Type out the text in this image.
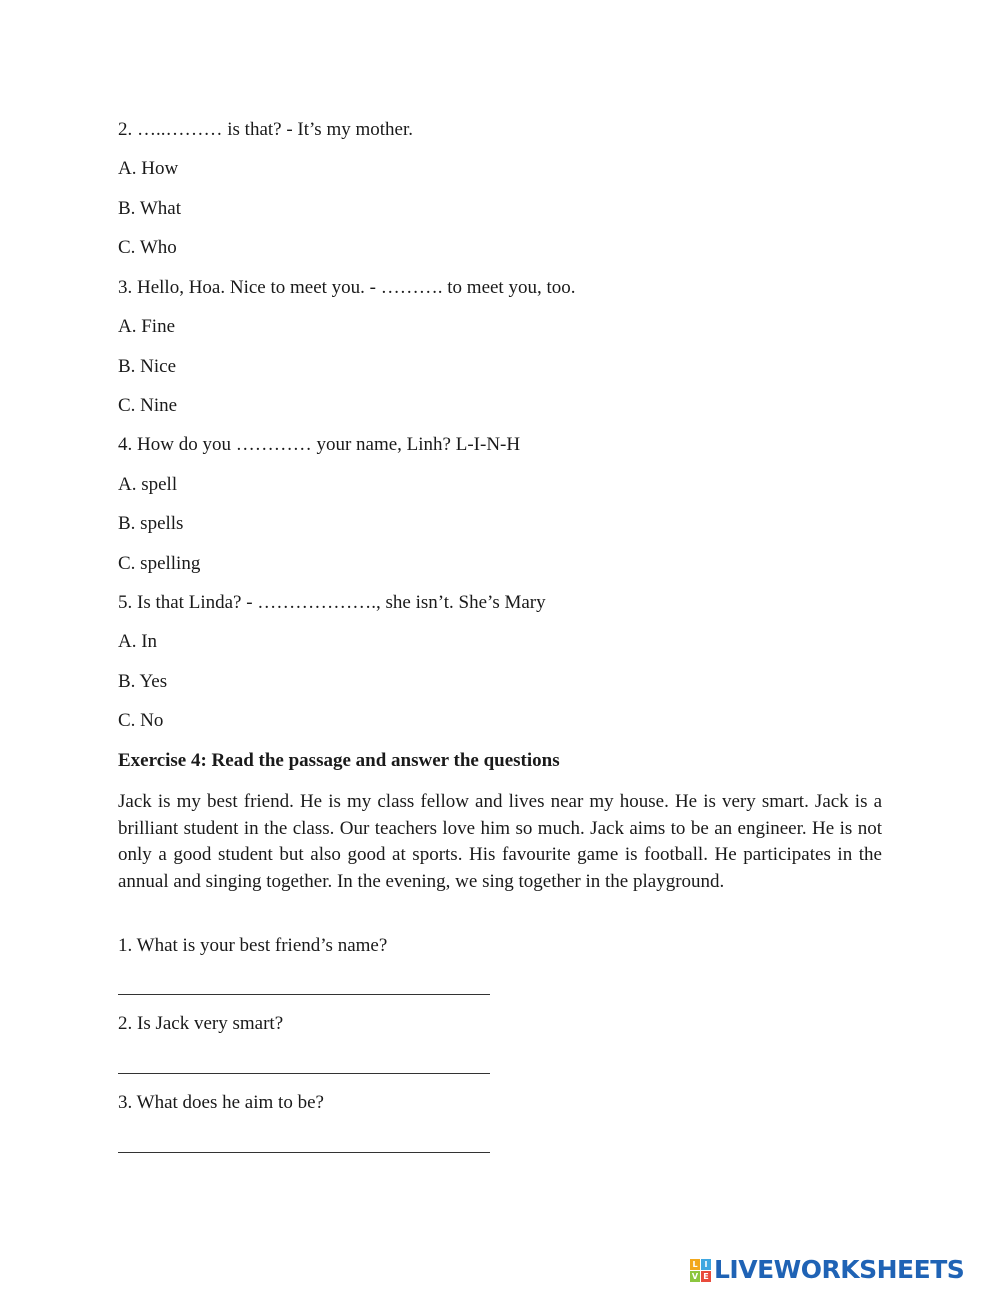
2. …..……… is that? - It’s my mother.
A. How
B. What
C. Who
3. Hello, Hoa. Nice to meet you. - ………. to meet you, too.
A. Fine
B. Nice
C. Nine
4. How do you ………… your name, Linh? L-I-N-H
A. spell
B. spells
C. spelling
5. Is that Linda? - ………………., she isn’t. She’s Mary
A. In
B. Yes
C. No
Exercise 4: Read the passage and answer the questions
Jack is my best friend. He is my class fellow and lives near my house. He is very smart. Jack is a brilliant student in the class. Our teachers love him so much. Jack aims to be an engineer. He is not only a good student but also good at sports. His favourite game is football. He participates in the annual and singing together. In the evening, we sing together in the playground.
1. What is your best friend’s name?
2. Is Jack very smart?
3. What does he aim to be?
L I
V E LIVEWORKSHEETS
